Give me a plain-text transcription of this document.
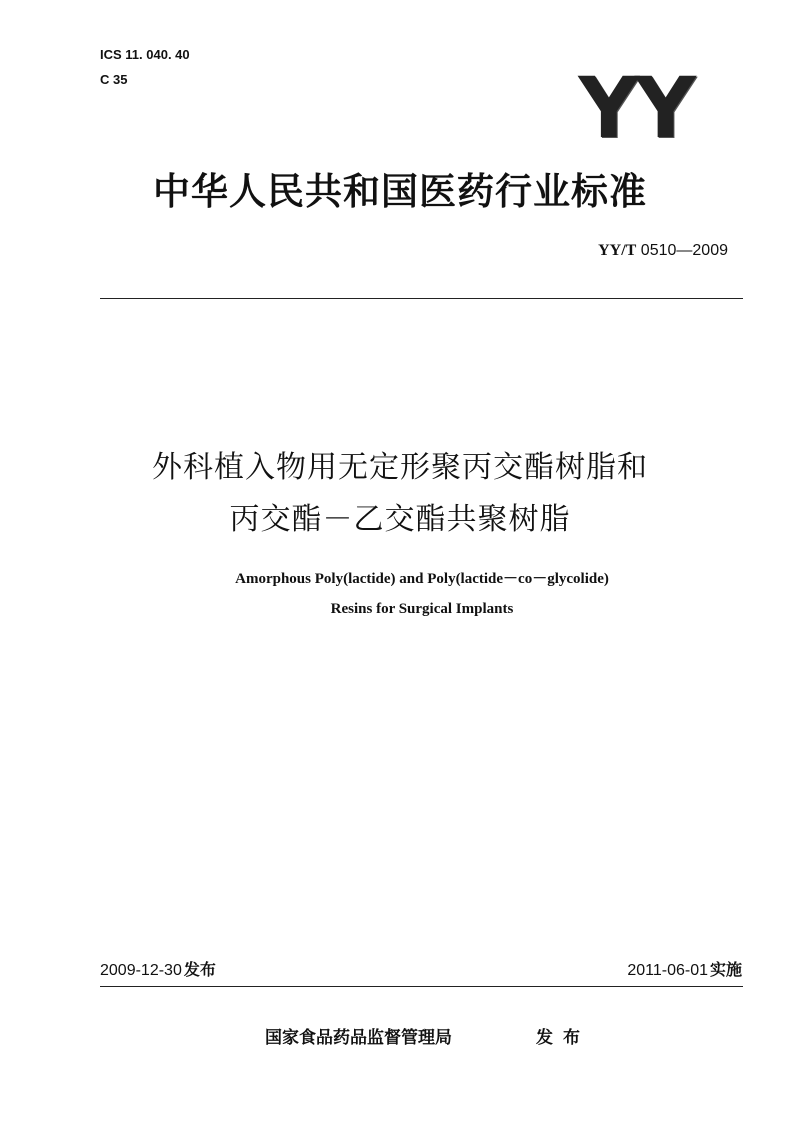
ICS 11. 040. 40
C 35	YY
中华人民共和国医药行业标准
YY/T 0510—2009
外科植入物用无定形聚丙交酯树脂和
丙交酯－乙交酯共聚树脂
Amorphous Poly(lactide) and Poly(lactide－co－glycolide)
Resins for Surgical Implants
2009-12-30 发布	2011-06-01 实施
国家食品药品监督管理局	发布
